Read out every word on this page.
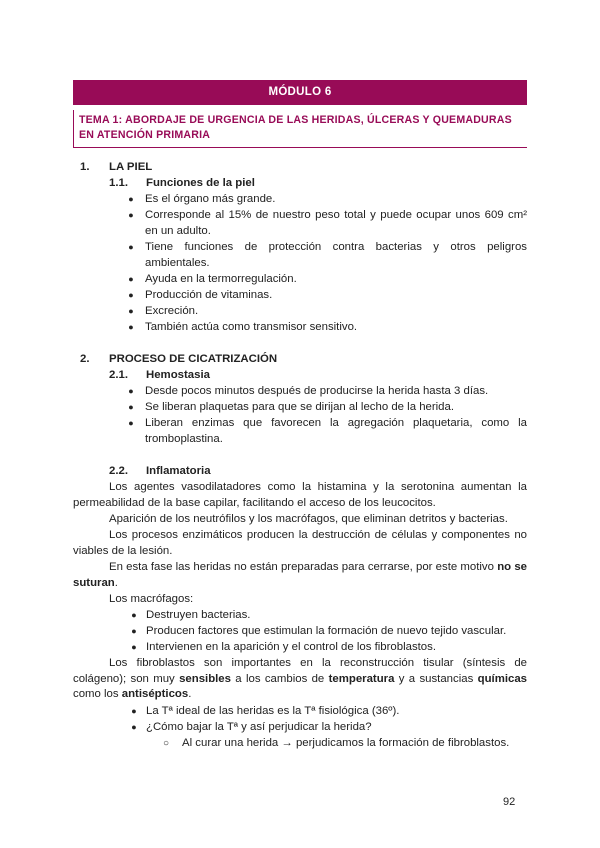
MÓDULO 6
TEMA 1: ABORDAJE DE URGENCIA DE LAS HERIDAS, ÚLCERAS Y QUEMADURAS EN ATENCIÓN PRIMARIA
1. LA PIEL
1.1. Funciones de la piel
● Es el órgano más grande.
● Corresponde al 15% de nuestro peso total y puede ocupar unos 609 cm² en un adulto.
● Tiene funciones de protección contra bacterias y otros peligros ambientales.
● Ayuda en la termorregulación.
● Producción de vitaminas.
● Excreción.
● También actúa como transmisor sensitivo.
2. PROCESO DE CICATRIZACIÓN
2.1. Hemostasia
● Desde pocos minutos después de producirse la herida hasta 3 días.
● Se liberan plaquetas para que se dirijan al lecho de la herida.
● Liberan enzimas que favorecen la agregación plaquetaria, como la tromboplastina.
2.2. Inflamatoria
Los agentes vasodilatadores como la histamina y la serotonina aumentan la permeabilidad de la base capilar, facilitando el acceso de los leucocitos.
Aparición de los neutrófilos y los macrófagos, que eliminan detritos y bacterias.
Los procesos enzimáticos producen la destrucción de células y componentes no viables de la lesión.
En esta fase las heridas no están preparadas para cerrarse, por este motivo no se suturan.
Los macrófagos:
● Destruyen bacterias.
● Producen factores que estimulan la formación de nuevo tejido vascular.
● Intervienen en la aparición y el control de los fibroblastos.
Los fibroblastos son importantes en la reconstrucción tisular (síntesis de colágeno); son muy sensibles a los cambios de temperatura y a sustancias químicas como los antisépticos.
● La Tª ideal de las heridas es la Tª fisiológica (36º).
● ¿Cómo bajar la Tª y así perjudicar la herida?
○ Al curar una herida → perjudicamos la formación de fibroblastos.
92
